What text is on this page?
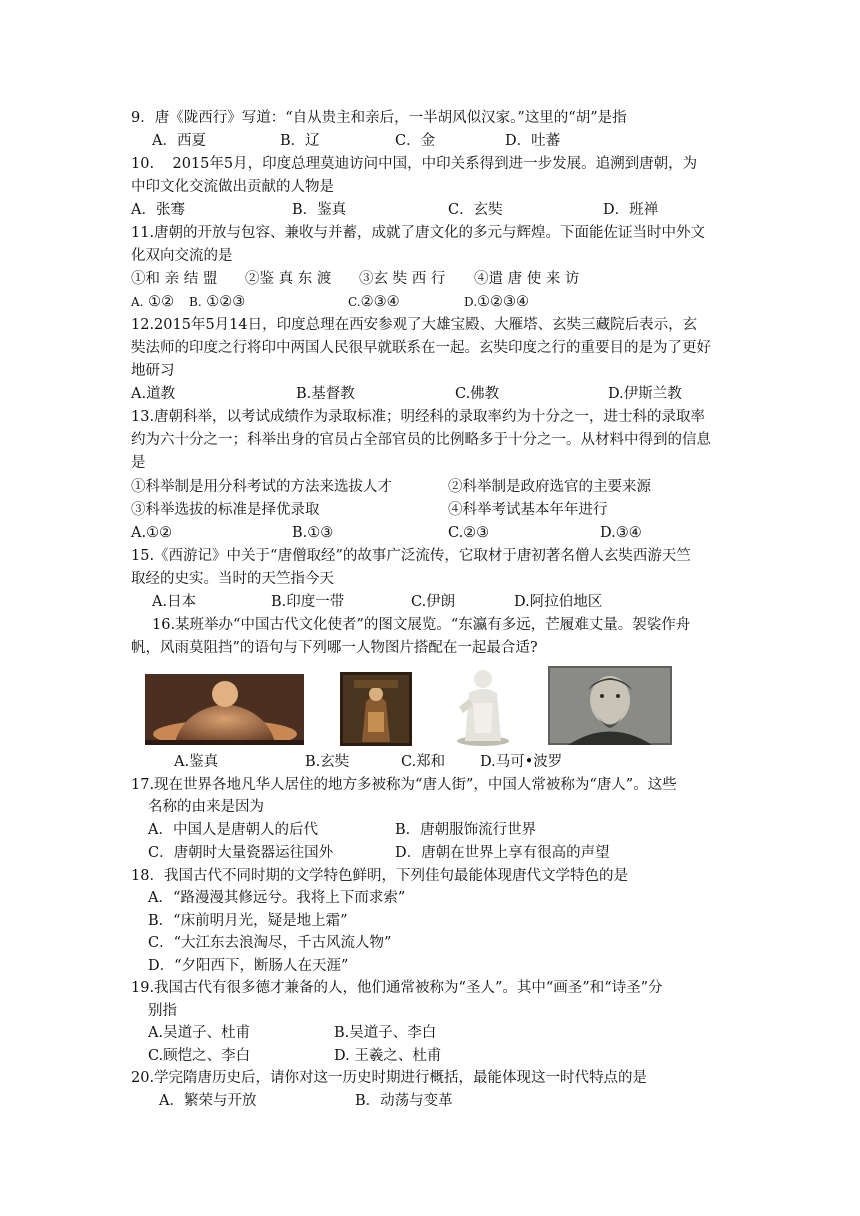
9．唐《陇西行》写道：“自从贵主和亲后，一半胡风似汉家。”这里的“胡”是指
A．西夏	B．辽	C．金	D．吐蕃
10.    2015年5月，印度总理莫迪访问中国，中印关系得到进一步发展。追溯到唐朝，为
中印文化交流做出贡献的人物是
A．张骞	B．鉴真	C．玄奘	D．班禅
11.唐朝的开放与包容、兼收与并蓄，成就了唐文化的多元与辉煌。下面能佐证当时中外文
化双向交流的是
①和 亲 结 盟 ②鉴 真 东 渡 ③玄 奘 西 行 ④遣 唐 使 来 访
A. ①② B. ①②③	C.②③④	D.①②③④
12.2015年5月14日，印度总理在西安参观了大雄宝殿、大雁塔、玄奘三藏院后表示，玄
奘法师的印度之行将印中两国人民很早就联系在一起。玄奘印度之行的重要目的是为了更好
地研习
A.道教	B.基督教	C.佛教	D.伊斯兰教
13.唐朝科举，以考试成绩作为录取标准；明经科的录取率约为十分之一，进士科的录取率
约为六十分之一；科举出身的官员占全部官员的比例略多于十分之一。从材料中得到的信息
是
①科举制是用分科考试的方法来选拔人才	②科举制是政府选官的主要来源
③科举选拔的标准是择优录取	④科举考试基本年年进行
A.①②	B.①③	C.②③	D.③④
15.《西游记》中关于“唐僧取经”的故事广泛流传，它取材于唐初著名僧人玄奘西游天竺
取经的史实。当时的天竺指今天
A.日本	B.印度一带	C.伊朗	D.阿拉伯地区
16.某班举办“中国古代文化使者”的图文展览。“东瀛有多远，芒履难丈量。袈裟作舟
帆，风雨莫阻挡”的语句与下列哪一人物图片搭配在一起最合适?
A.鉴真	B.玄奘	C.郑和 D.马可•波罗
17.现在世界各地凡华人居住的地方多被称为“唐人街”，中国人常被称为“唐人”。这些
名称的由来是因为
A．中国人是唐朝人的后代	B．唐朝服饰流行世界
C．唐朝时大量瓷器运往国外	D．唐朝在世界上享有很高的声望
18．我国古代不同时期的文学特色鲜明，下列佳句最能体现唐代文学特色的是
A．“路漫漫其修远兮。我将上下而求索”
B．“床前明月光，疑是地上霜”
C．“大江东去浪淘尽，千古风流人物”
D．“夕阳西下，断肠人在天涯”
19.我国古代有很多德才兼备的人，他们通常被称为“圣人”。其中“画圣”和“诗圣”分
别指
A.吴道子、杜甫	B.吴道子、李白
C.顾恺之、李白	D. 王羲之、杜甫
20.学完隋唐历史后，请你对这一历史时期进行概括，最能体现这一时代特点的是
A．繁荣与开放	B．动荡与变革
